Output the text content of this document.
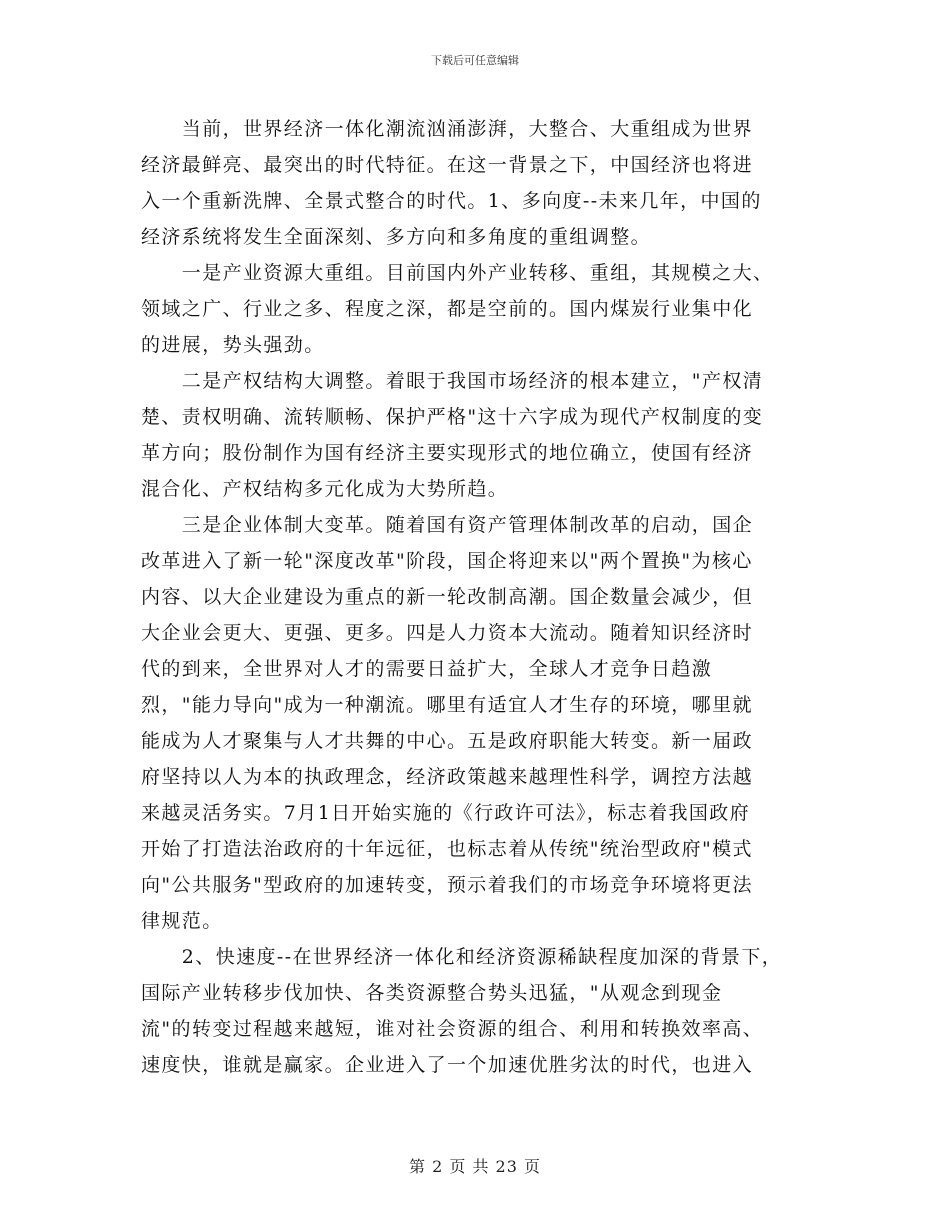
下载后可任意编辑
　　当前，世界经济一体化潮流汹涌澎湃，大整合、大重组成为世界
经济最鲜亮、最突出的时代特征。在这一背景之下，中国经济也将进
入一个重新洗牌、全景式整合的时代。1、多向度--未来几年，中国的
经济系统将发生全面深刻、多方向和多角度的重组调整。
　　一是产业资源大重组。目前国内外产业转移、重组，其规模之大、
领域之广、行业之多、程度之深，都是空前的。国内煤炭行业集中化
的进展，势头强劲。
　　二是产权结构大调整。着眼于我国市场经济的根本建立，"产权清
楚、责权明确、流转顺畅、保护严格"这十六字成为现代产权制度的变
革方向；股份制作为国有经济主要实现形式的地位确立，使国有经济
混合化、产权结构多元化成为大势所趋。
　　三是企业体制大变革。随着国有资产管理体制改革的启动，国企
改革进入了新一轮"深度改革"阶段，国企将迎来以"两个置换"为核心
内容、以大企业建设为重点的新一轮改制高潮。国企数量会减少，但
大企业会更大、更强、更多。四是人力资本大流动。随着知识经济时
代的到来，全世界对人才的需要日益扩大，全球人才竞争日趋激
烈，"能力导向"成为一种潮流。哪里有适宜人才生存的环境，哪里就
能成为人才聚集与人才共舞的中心。五是政府职能大转变。新一届政
府坚持以人为本的执政理念，经济政策越来越理性科学，调控方法越
来越灵活务实。7月1日开始实施的《行政许可法》，标志着我国政府
开始了打造法治政府的十年远征，也标志着从传统"统治型政府"模式
向"公共服务"型政府的加速转变，预示着我们的市场竞争环境将更法
律规范。
　　2、快速度--在世界经济一体化和经济资源稀缺程度加深的背景下，
国际产业转移步伐加快、各类资源整合势头迅猛，"从观念到现金
流"的转变过程越来越短，谁对社会资源的组合、利用和转换效率高、
速度快，谁就是赢家。企业进入了一个加速优胜劣汰的时代，也进入
第 2 页 共 23 页
